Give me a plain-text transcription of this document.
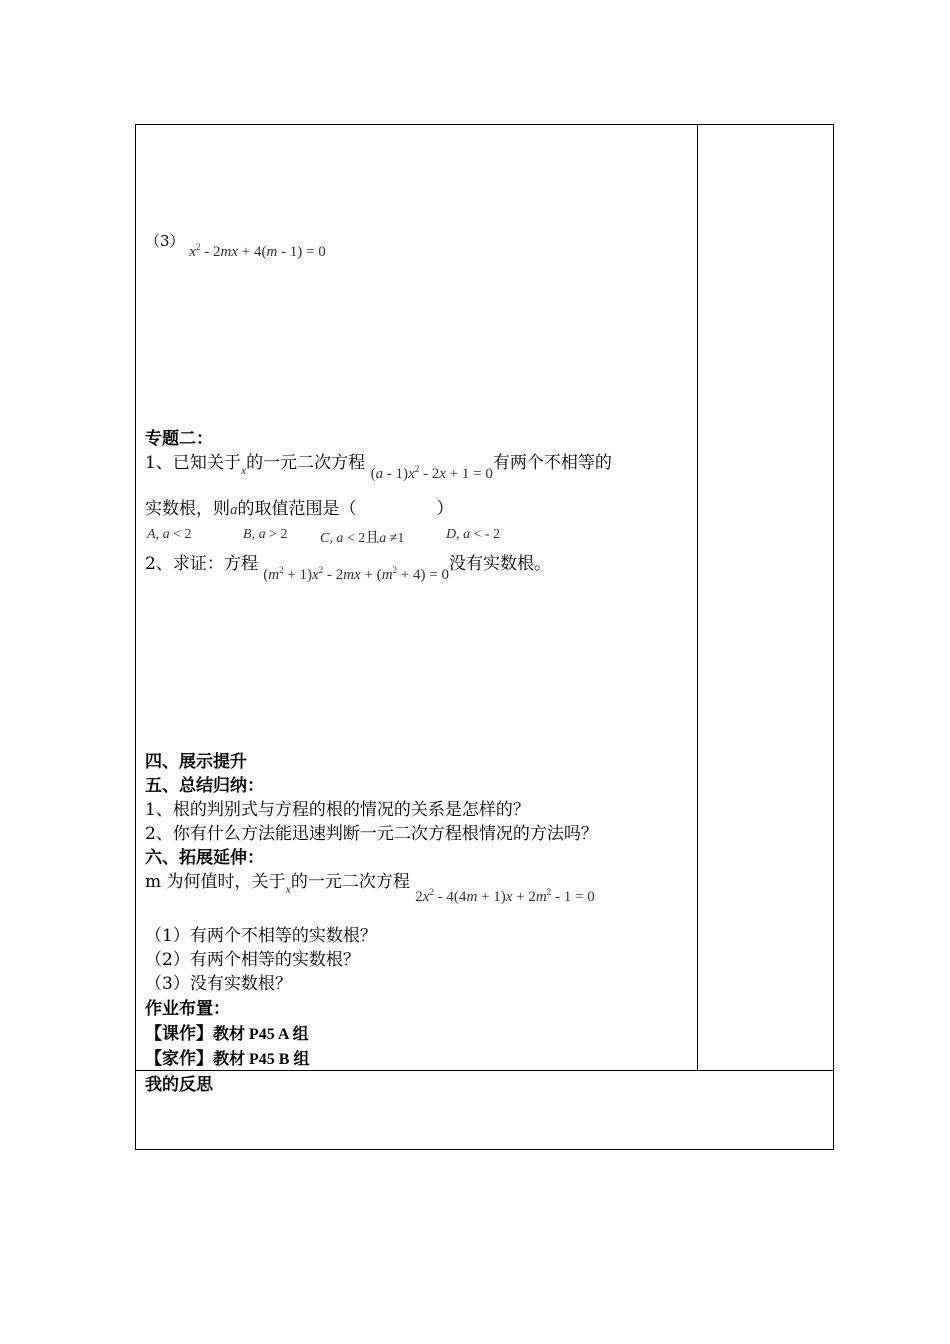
（3） $x^2 - 2mx + 4(m - 1) = 0$
专题二：
1、已知关于$_x$的一元二次方程 $(a - 1)x^2 - 2x + 1 = 0$有两个不相等的
实数根，则a的取值范围是（	）
A, a < 2	B, a > 2 C, a < 2且a ≠1	D, a < - 2
2、求证：方程 $(m^2 + 1)x^2 - 2mx + (m^2 + 4) = 0$没有实数根。
四、展示提升
五、总结归纳：
1、根的判别式与方程的根的情况的关系是怎样的？
2、你有什么方法能迅速判断一元二次方程根情况的方法吗？
六、拓展延伸：
m 为何值时，关于$_x$的一元二次方程 $2x^2 - 4(4m + 1)x + 2m^2 - 1 = 0$
（1）有两个不相等的实数根？
（2）有两个相等的实数根？
（3）没有实数根？
作业布置：
【课作】教材 P45 A 组
【家作】教材 P45 B 组
我的反思
